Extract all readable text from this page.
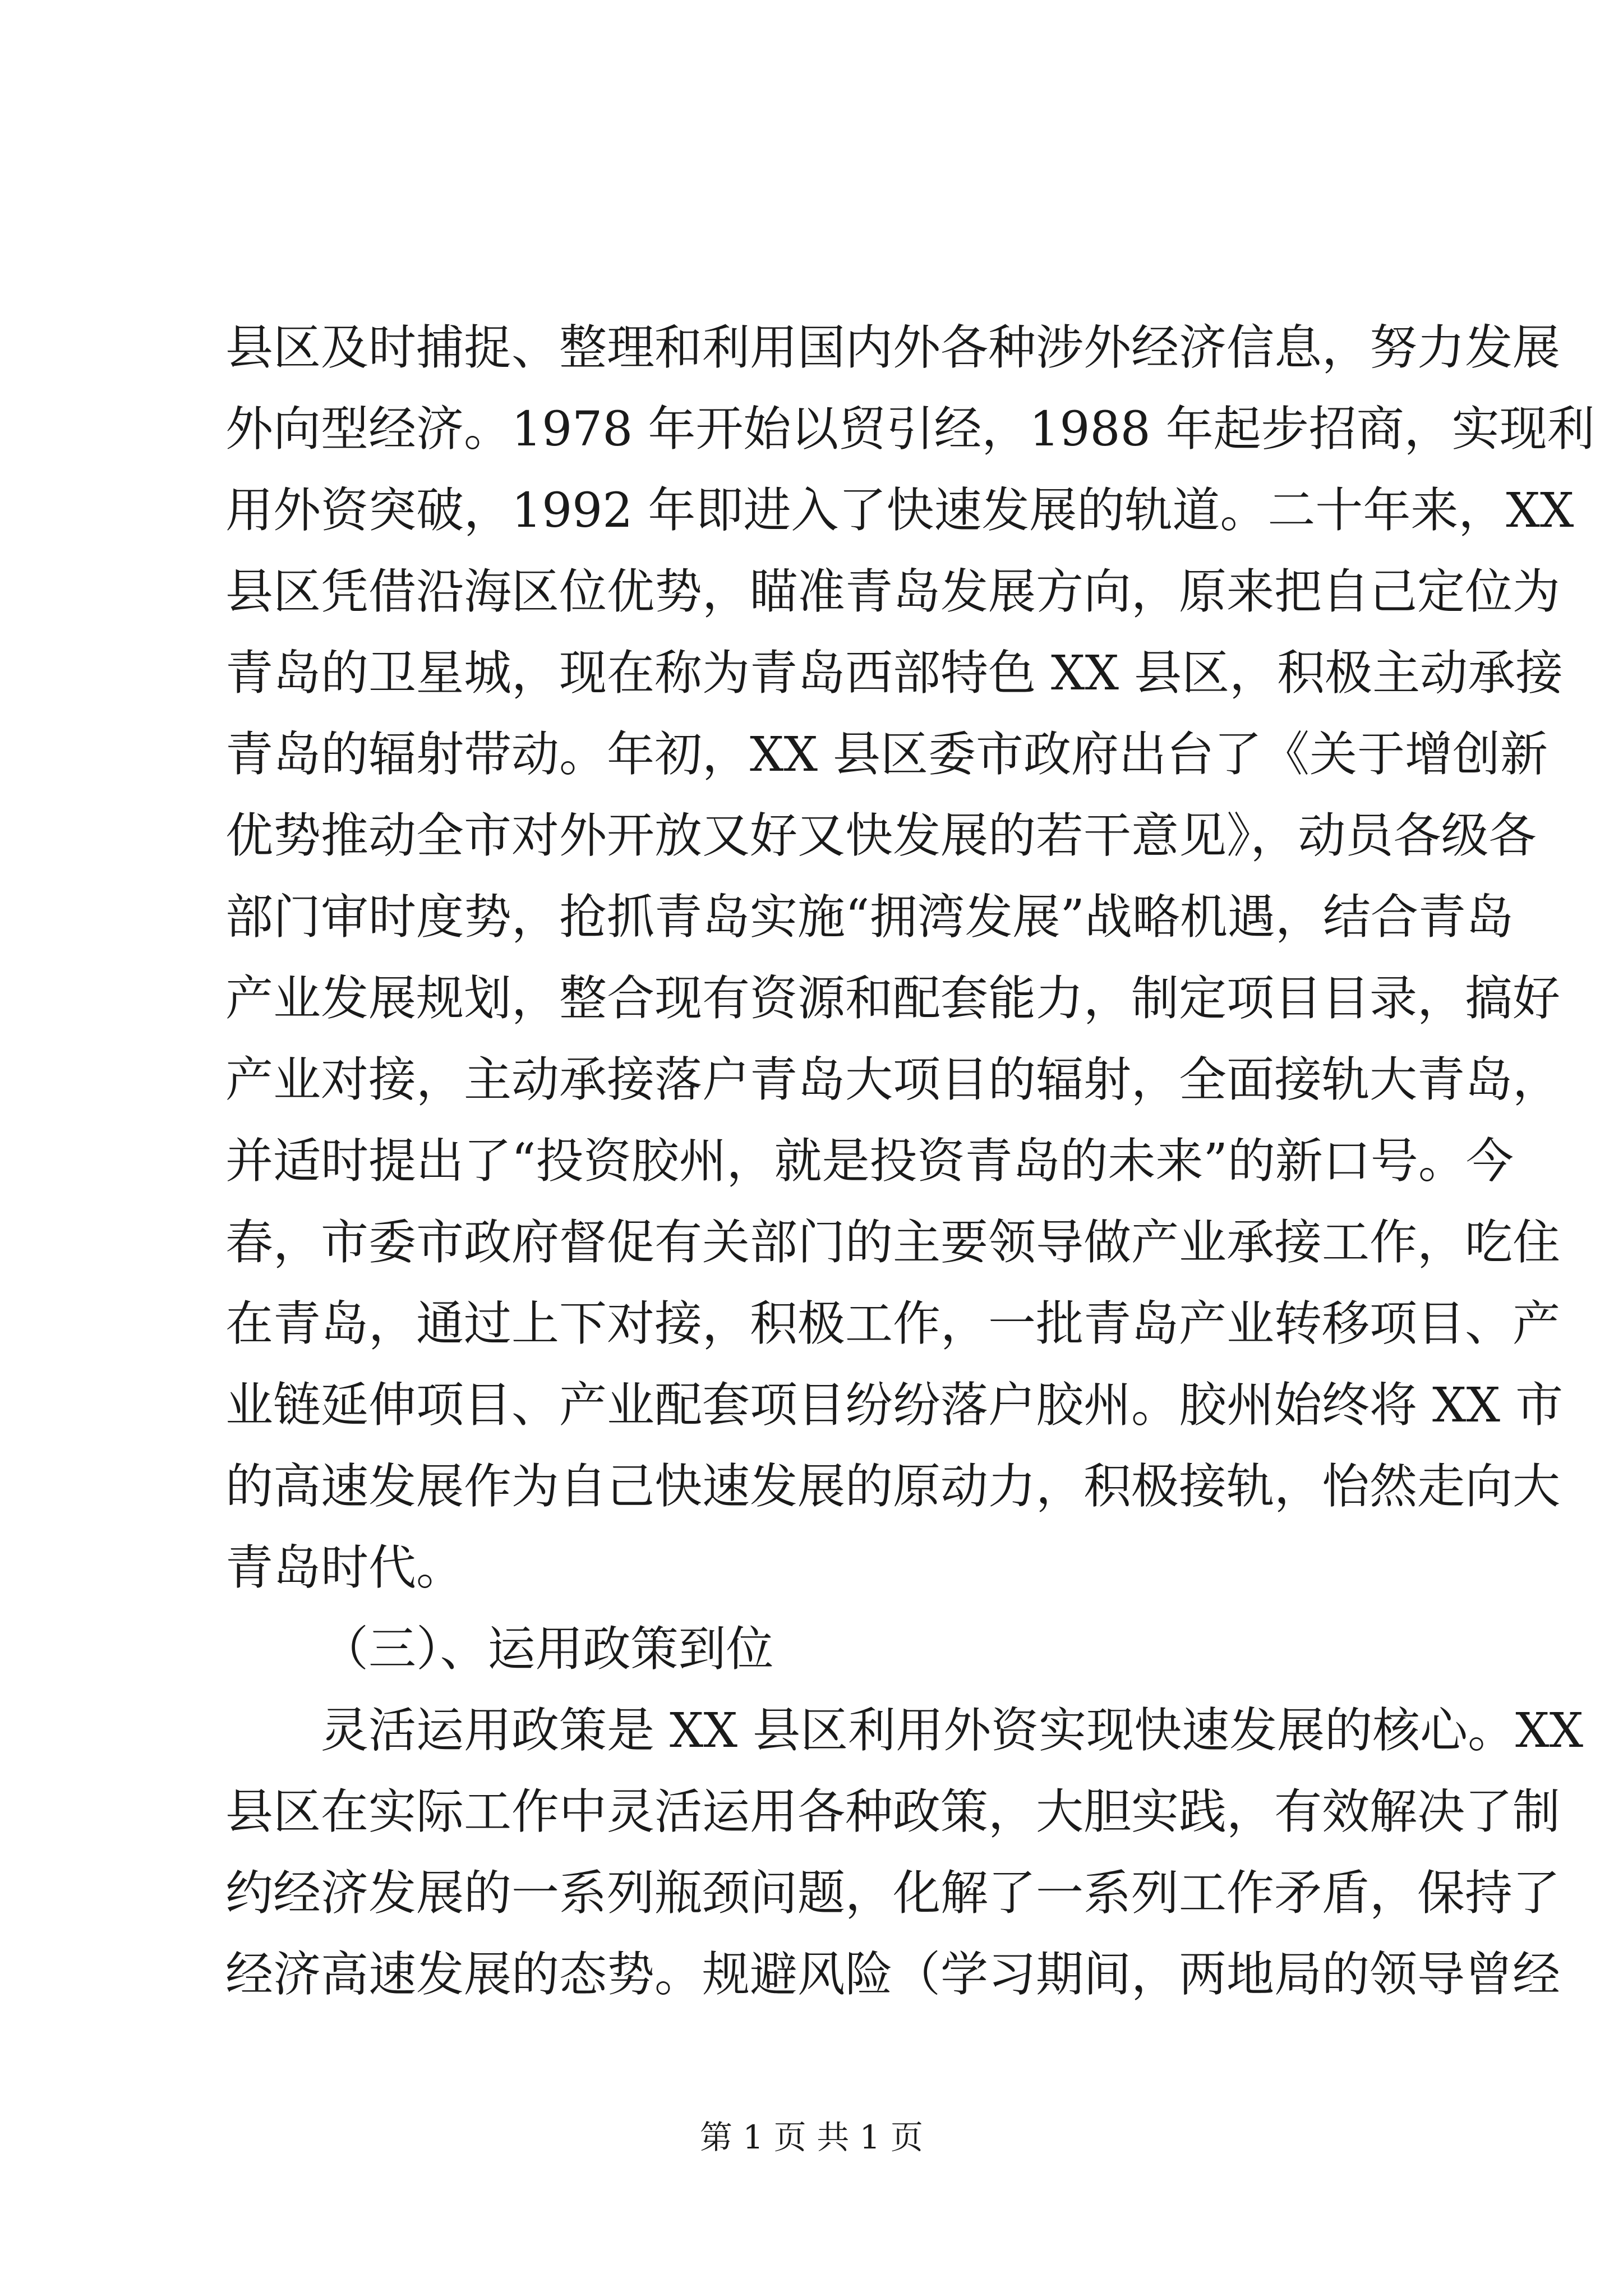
县区及时捕捉、整理和利用国内外各种涉外经济信息，努力发展
外向型经济。1978 年开始以贸引经，1988 年起步招商，实现利
用外资突破，1992 年即进入了快速发展的轨道。二十年来，XX
县区凭借沿海区位优势，瞄准青岛发展方向，原来把自己定位为
青岛的卫星城，现在称为青岛西部特色 XX 县区，积极主动承接
青岛的辐射带动。年初，XX 县区委市政府出台了《关于增创新
优势推动全市对外开放又好又快发展的若干意见》，动员各级各
部门审时度势，抢抓青岛实施“拥湾发展”战略机遇，结合青岛
产业发展规划，整合现有资源和配套能力，制定项目目录，搞好
产业对接，主动承接落户青岛大项目的辐射，全面接轨大青岛，
并适时提出了“投资胶州，就是投资青岛的未来”的新口号。今
春，市委市政府督促有关部门的主要领导做产业承接工作，吃住
在青岛，通过上下对接，积极工作，一批青岛产业转移项目、产
业链延伸项目、产业配套项目纷纷落户胶州。胶州始终将 XX 市
的高速发展作为自己快速发展的原动力，积极接轨，怡然走向大
青岛时代。
（三）、运用政策到位
灵活运用政策是 XX 县区利用外资实现快速发展的核心。XX
县区在实际工作中灵活运用各种政策，大胆实践，有效解决了制
约经济发展的一系列瓶颈问题，化解了一系列工作矛盾，保持了
经济高速发展的态势。规避风险（学习期间，两地局的领导曾经
第 1 页 共 1 页
